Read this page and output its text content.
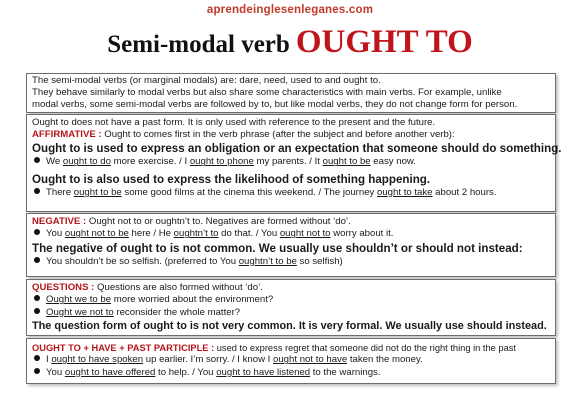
aprendeinglesenleganes.com
Semi-modal verb OUGHT TO
The semi-modal verbs (or marginal modals) are: dare, need, used to and ought to.
They behave similarly to modal verbs but also share some characteristics with main verbs. For example, unlike
modal verbs, some semi-modal verbs are followed by to, but like modal verbs, they do not change form for person.
Ought to does not have a past form. It is only used with reference to the present and the future.
AFFIRMATIVE : Ought to comes first in the verb phrase (after the subject and before another verb):
Ought to is used to express an obligation or an expectation that someone should do something.
We ought to do more exercise. / I ought to phone my parents. / It ought to be easy now.
Ought to is also used to express the likelihood of something happening.
There ought to be some good films at the cinema this weekend. / The journey ought to take about 2 hours.
NEGATIVE : Ought not to or oughtn’t to. Negatives are formed without ‘do’.
You ought not to be here / He oughtn’t to do that. / You ought not to worry about it.
The negative of ought to is not common. We usually use shouldn’t or should not instead:
You shouldn’t be so selfish. (preferred to You oughtn’t to be so selfish)
QUESTIONS : Questions are also formed without ‘do’.
Ought we to be more worried about the environment?
Ought we not to reconsider the whole matter?
The question form of ought to is not very common. It is very formal. We usually use should instead.
OUGHT TO + HAVE + PAST PARTICIPLE : used to express regret that someone did not do the right thing in the past
I ought to have spoken up earlier. I’m sorry. / I know I ought not to have taken the money.
You ought to have offered to help. / You ought to have listened to the warnings.
